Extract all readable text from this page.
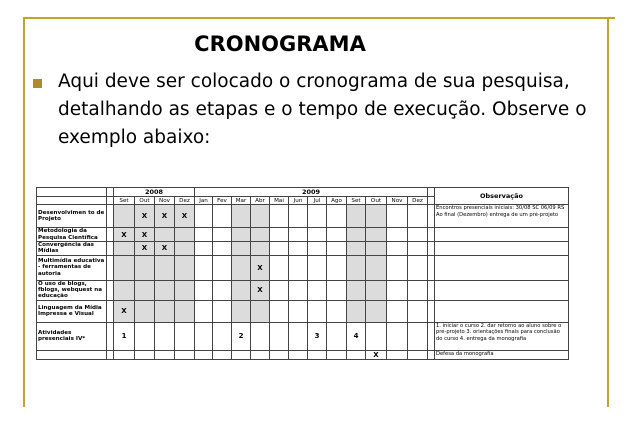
CRONOGRAMA
Aqui deve ser colocado o cronograma de sua pesquisa, detalhando as etapas e o tempo de execução. Observe o exemplo abaixo:
		2008				2009													Observação
		Set	Out	Nov	Dez	Jan	Fev	Mar	Abr	Mai	Jun	Jul	Ago	Set	Out	Nov	Dez		
Desenvolvimen to de Projeto			X	X	X														Encontros presenciais iniciais: 30/08 SC 06/09 RS Ao final (Dezembro) entrega de um pré-projeto
Metodologia da Pesquisa Científica		X	X																
Convergência das Mídias			X	X															
Multimídia educativa - ferramentas de autoria									X										
O uso de blogs, fblogs, webquest na educação									X										
Linguagem da Mídia Impressa e Visual		X																	
Atividades presenciais IV*		1						2				3		4					1. iniciar o curso 2. dar retorno ao aluno sobre o pré-projeto 3. orientações finais para conclusão do curso 4. entrega da monografia
															X				Defesa da monografia
